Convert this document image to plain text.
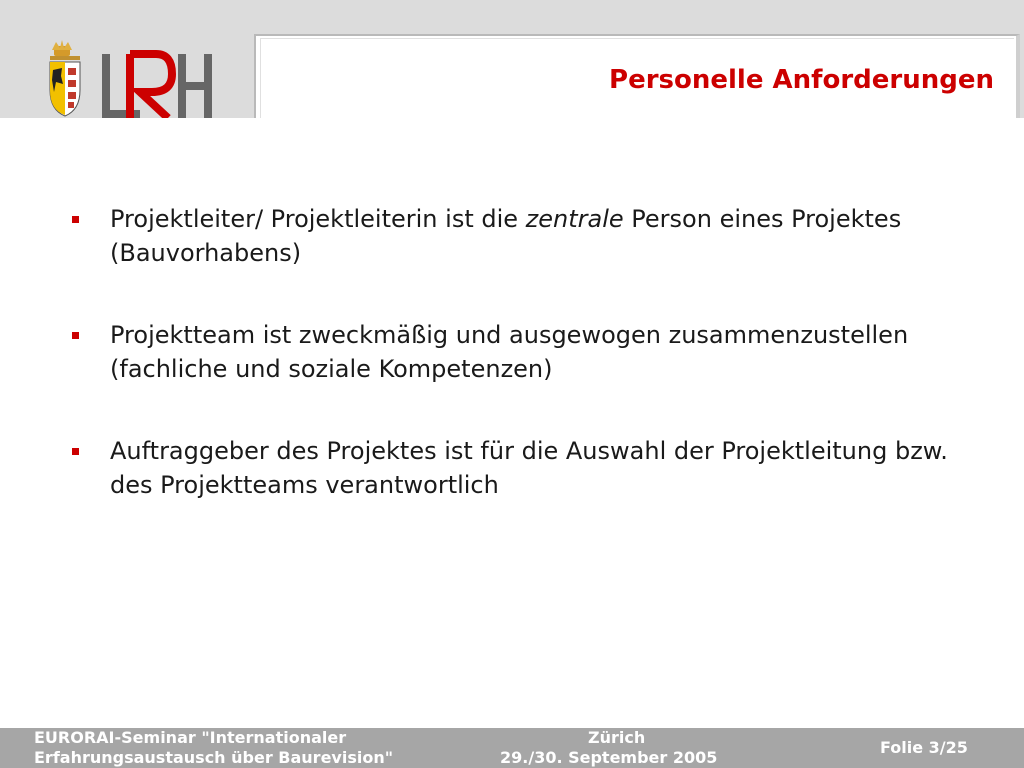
Personelle Anforderungen
Projektleiter/ Projektleiterin ist die zentrale Person eines Projektes (Bauvorhabens)
Projektteam ist zweckmäßig und ausgewogen zusammenzustellen (fachliche und soziale Kompetenzen)
Auftraggeber des Projektes ist für die Auswahl der Projektleitung bzw. des Projektteams verantwortlich
EURORAI-Seminar "Internationaler
Erfahrungsaustausch über Baurevision"
Zürich
29./30. September 2005
Folie 3/25
